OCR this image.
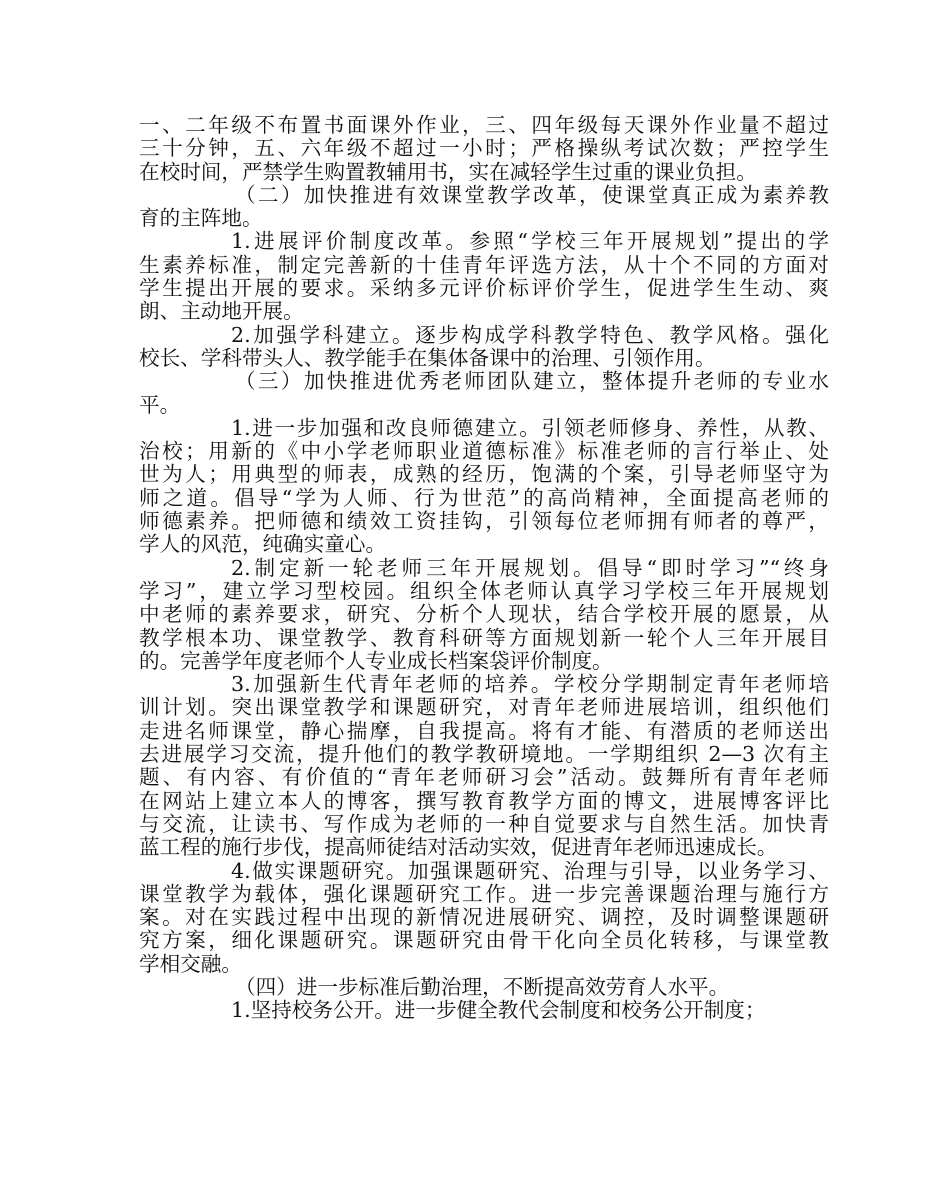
一、二年级不布置书面课外作业，三、四年级每天课外作业量不超过
三十分钟，五、六年级不超过一小时；严格操纵考试次数；严控学生
在校时间，严禁学生购置教辅用书，实在减轻学生过重的课业负担。
（二）加快推进有效课堂教学改革，使课堂真正成为素养教
育的主阵地。
1.进展评价制度改革。参照“学校三年开展规划”提出的学
生素养标准，制定完善新的十佳青年评选方法，从十个不同的方面对
学生提出开展的要求。采纳多元评价标评价学生，促进学生生动、爽
朗、主动地开展。
2.加强学科建立。逐步构成学科教学特色、教学风格。强化
校长、学科带头人、教学能手在集体备课中的治理、引领作用。
（三）加快推进优秀老师团队建立，整体提升老师的专业水
平。
1.进一步加强和改良师德建立。引领老师修身、养性，从教、
治校；用新的《中小学老师职业道德标准》标准老师的言行举止、处
世为人；用典型的师表，成熟的经历，饱满的个案，引导老师坚守为
师之道。倡导“学为人师、行为世范”的高尚精神，全面提高老师的
师德素养。把师德和绩效工资挂钩，引领每位老师拥有师者的尊严，
学人的风范，纯确实童心。
2.制定新一轮老师三年开展规划。倡导“即时学习”“终身
学习”，建立学习型校园。组织全体老师认真学习学校三年开展规划
中老师的素养要求，研究、分析个人现状，结合学校开展的愿景，从
教学根本功、课堂教学、教育科研等方面规划新一轮个人三年开展目
的。完善学年度老师个人专业成长档案袋评价制度。
3.加强新生代青年老师的培养。学校分学期制定青年老师培
训计划。突出课堂教学和课题研究，对青年老师进展培训，组织他们
走进名师课堂，静心揣摩，自我提高。将有才能、有潜质的老师送出
去进展学习交流，提升他们的教学教研境地。一学期组织 2—3 次有主
题、有内容、有价值的“青年老师研习会”活动。鼓舞所有青年老师
在网站上建立本人的博客，撰写教育教学方面的博文，进展博客评比
与交流，让读书、写作成为老师的一种自觉要求与自然生活。加快青
蓝工程的施行步伐，提高师徒结对活动实效，促进青年老师迅速成长。
4.做实课题研究。加强课题研究、治理与引导，以业务学习、
课堂教学为载体，强化课题研究工作。进一步完善课题治理与施行方
案。对在实践过程中出现的新情况进展研究、调控，及时调整课题研
究方案，细化课题研究。课题研究由骨干化向全员化转移，与课堂教
学相交融。
（四）进一步标准后勤治理，不断提高效劳育人水平。
1.坚持校务公开。进一步健全教代会制度和校务公开制度；
